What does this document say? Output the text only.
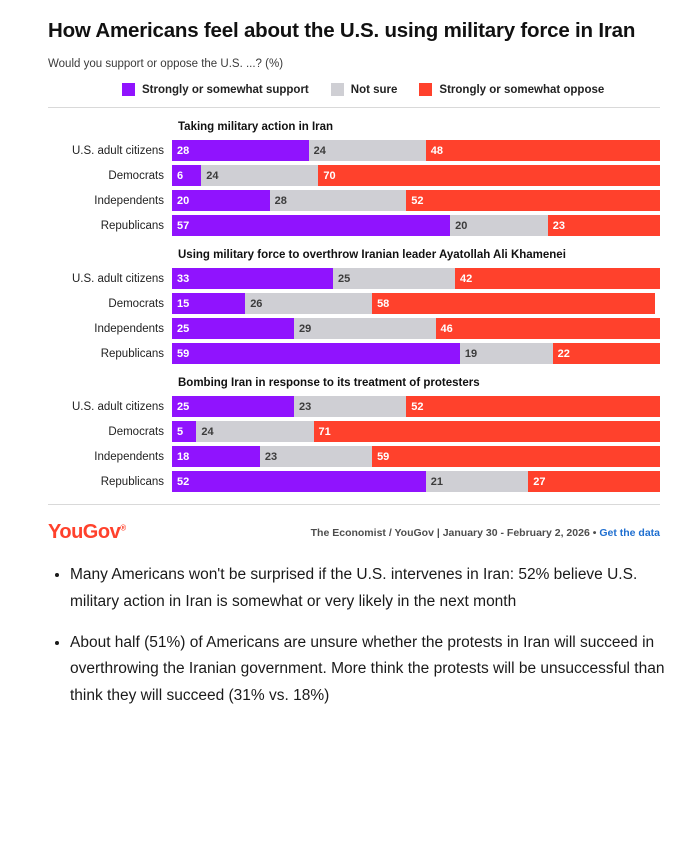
How Americans feel about the U.S. using military force in Iran
Would you support or oppose the U.S. ...? (%)
Strongly or somewhat support	Not sure	Strongly or somewhat oppose
Taking military action in Iran
U.S. adult citizens	28	24	48
Democrats	6	24	70
Independents	20	28	52
Republicans	57	20	23
Using military force to overthrow Iranian leader Ayatollah Ali Khamenei
U.S. adult citizens	33	25	42
Democrats	15	26	58
Independents	25	29	46
Republicans	59	19	22
Bombing Iran in response to its treatment of protesters
U.S. adult citizens	25	23	52
Democrats	5	24	71
Independents	18	23	59
Republicans	52	21	27
YouGov®	The Economist / YouGov | January 30 - February 2, 2026 • Get the data
• Many Americans won't be surprised if the U.S. intervenes in Iran: 52% believe U.S. military action in Iran is somewhat or very likely in the next month
• About half (51%) of Americans are unsure whether the protests in Iran will succeed in overthrowing the Iranian government. More think the protests will be unsuccessful than think they will succeed (31% vs. 18%)
